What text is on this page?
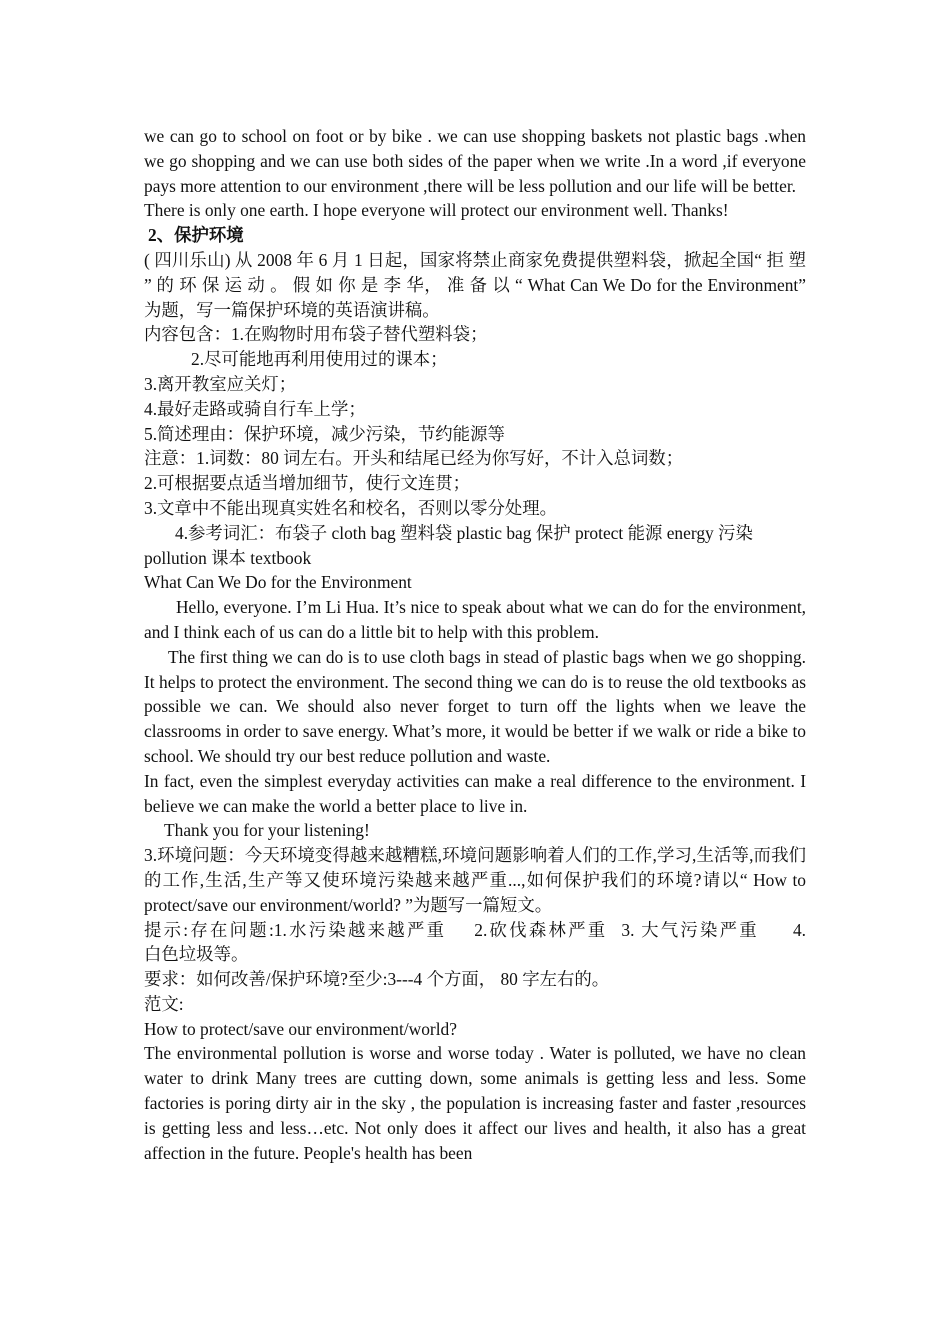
we can go to school on foot or by bike . we can use shopping baskets not plastic bags .when we go shopping and we can use both sides of the paper when we write .In a word ,if everyone pays more attention to our environment ,there will be less pollution and our life will be better.

There is only one earth. I hope everyone will protect our environment well. Thanks!

2、保护环境

( 四川乐山) 从 2008 年 6 月 1 日起，国家将禁止商家免费提供塑料袋，掀起全国“ 拒 塑 ” 的 环 保 运 动 。 假 如 你 是 李 华， 准 备 以 “ What Can We Do for the Environment” 为题，写一篇保护环境的英语演讲稿。

内容包含：1.在购物时用布袋子替代塑料袋；

2.尽可能地再利用使用过的课本；

3.离开教室应关灯；

4.最好走路或骑自行车上学；

5.简述理由：保护环境，减少污染，节约能源等

注意：1.词数：80 词左右。开头和结尾已经为你写好，不计入总词数；

2.可根据要点适当增加细节，使行文连贯；

3.文章中不能出现真实姓名和校名，否则以零分处理。

4.参考词汇：布袋子 cloth bag 塑料袋 plastic bag 保护 protect 能源 energy 污染 pollution 课本 textbook

What Can We Do for the Environment

Hello, everyone. I’m Li Hua. It’s nice to speak about what we can do for the environment, and I think each of us can do a little bit to help with this problem.

The first thing we can do is to use cloth bags in stead of plastic bags when we go shopping. It helps to protect the environment. The second thing we can do is to reuse the old textbooks as possible we can. We should also never forget to turn off the lights when we leave the classrooms in order to save energy. What’s more, it would be better if we walk or ride a bike to school. We should try our best reduce pollution and waste.

In fact, even the simplest everyday activities can make a real difference to the environment. I believe we can make the world a better place to live in.

Thank you for your listening!

3.环境问题：今天环境变得越来越糟糕,环境问题影响着人们的工作,学习,生活等,而我们的工作,生活,生产等又使环境污染越来越严重...,如何保护我们的环境?请以“ How to protect/save our environment/world? ”为题写一篇短文。

提示:存在问题:1.水污染越来越严重 2.砍伐森林严重 3. 大气污染严重 4.

白色垃圾等。

要求：如何改善/保护环境?至少:3---4 个方面， 80 字左右的。

范文:

How to protect/save our environment/world?

The environmental pollution is worse and worse today . Water is polluted, we have no clean water to drink Many trees are cutting down, some animals is getting less and less. Some factories is poring dirty air in the sky , the population is increasing faster and faster ,resources is getting less and less…etc. Not only does it affect our lives and health, it also has a great affection in the future. People's health has been
